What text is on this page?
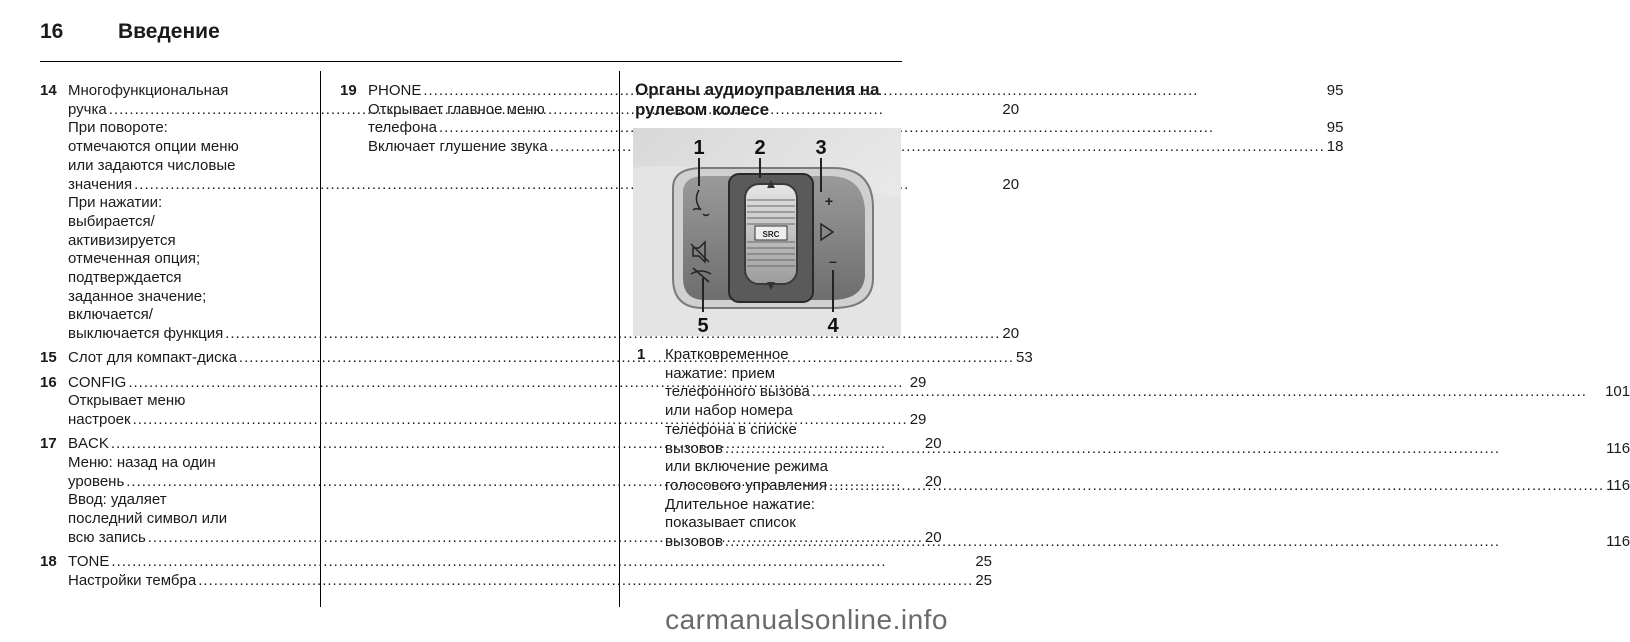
16	Введение
14 Многофункциональная
ручка .....	20
При повороте:
отмечаются опции меню
или задаются числовые
значения .....	20
При нажатии:
выбирается/
активизируется
отмеченная опция;
подтверждается
заданное значение;
включается/
выключается функция .....	20
15 Слот для компакт-диска .....	53
16 CONFIG .....	29
Открывает меню
настроек .....	29
17 BACK .....	20
Меню: назад на один
уровень .....	20
Ввод: удаляет
последний символ или
всю запись .....	20
18 TONE .....	25
Настройки тембра .....	25
19 PHONE .....	95
Открывает главное меню
телефона .....	95
Включает глушение звука .....	18
Органы аудиоуправления на рулевом колесе
SRC
+
–
1 2 3
5	4
1	Кратковременное
нажатие: прием
телефонного вызова .....	101
или набор номера
телефона в списке
вызовов .....	116
или включение режима
голосового управления .....	116
Длительное нажатие:
показывает список
вызовов .....	116
carmanualsonline.info
